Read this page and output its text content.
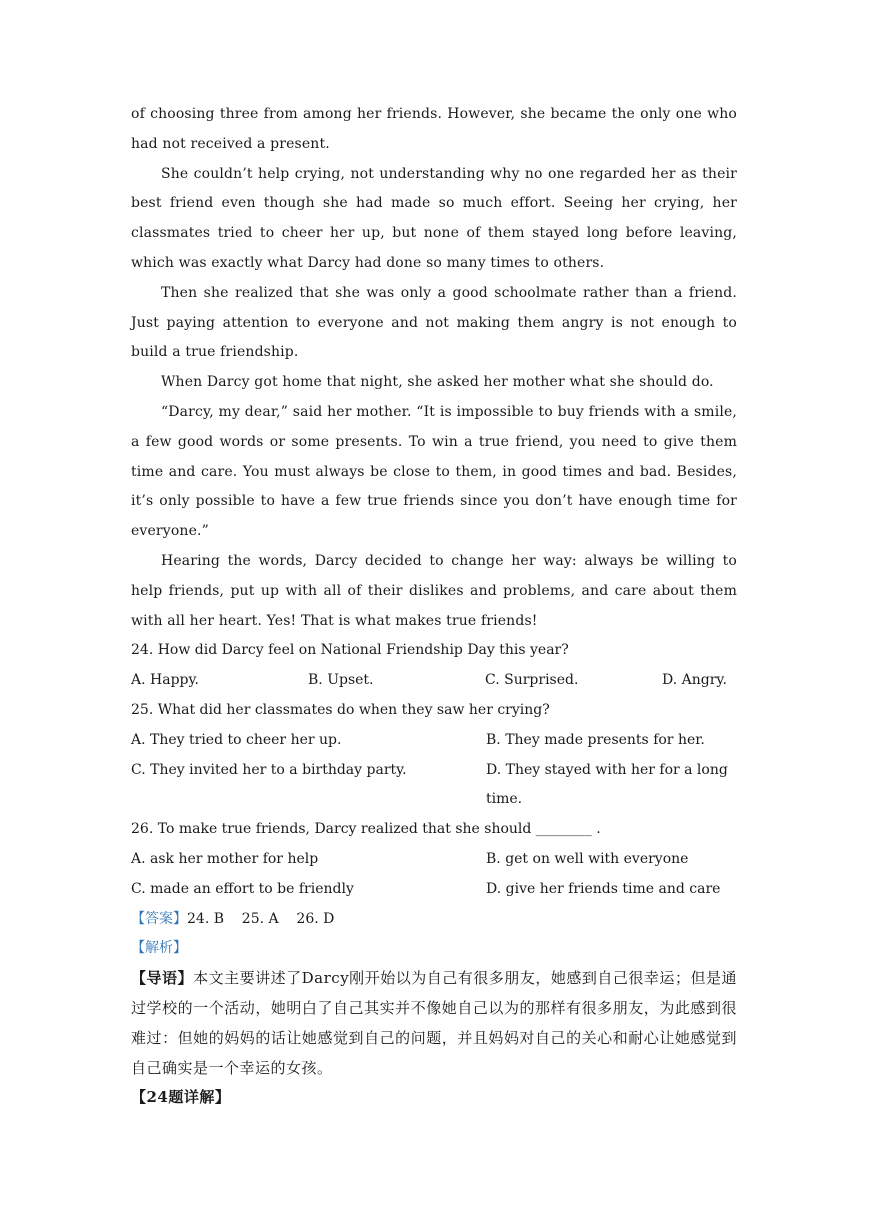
of choosing three from among her friends. However, she became the only one who had not received a present.
She couldn’t help crying, not understanding why no one regarded her as their best friend even though she had made so much effort. Seeing her crying, her classmates tried to cheer her up, but none of them stayed long before leaving, which was exactly what Darcy had done so many times to others.
Then she realized that she was only a good schoolmate rather than a friend. Just paying attention to everyone and not making them angry is not enough to build a true friendship.
When Darcy got home that night, she asked her mother what she should do.
“Darcy, my dear,” said her mother. “It is impossible to buy friends with a smile, a few good words or some presents. To win a true friend, you need to give them time and care. You must always be close to them, in good times and bad. Besides, it’s only possible to have a few true friends since you don’t have enough time for everyone.”
Hearing the words, Darcy decided to change her way: always be willing to help friends, put up with all of their dislikes and problems, and care about them with all her heart. Yes! That is what makes true friends!
24. How did Darcy feel on National Friendship Day this year?
A. Happy.	B. Upset.	C. Surprised.	D. Angry.
25. What did her classmates do when they saw her crying?
A. They tried to cheer her up.	B. They made presents for her.
C. They invited her to a birthday party.	D. They stayed with her for a long time.
26. To make true friends, Darcy realized that she should ________ .
A. ask her mother for help	B. get on well with everyone
C. made an effort to be friendly	D. give her friends time and care
【答案】24. B    25. A    26. D
【解析】
【导语】本文主要讲述了Darcy刚开始以为自己有很多朋友，她感到自己很幸运；但是通过学校的一个活动，她明白了自己其实并不像她自己以为的那样有很多朋友，为此感到很难过：但她的妈妈的话让她感觉到自己的问题，并且妈妈对自己的关心和耐心让她感觉到自己确实是一个幸运的女孩。
【24题详解】
